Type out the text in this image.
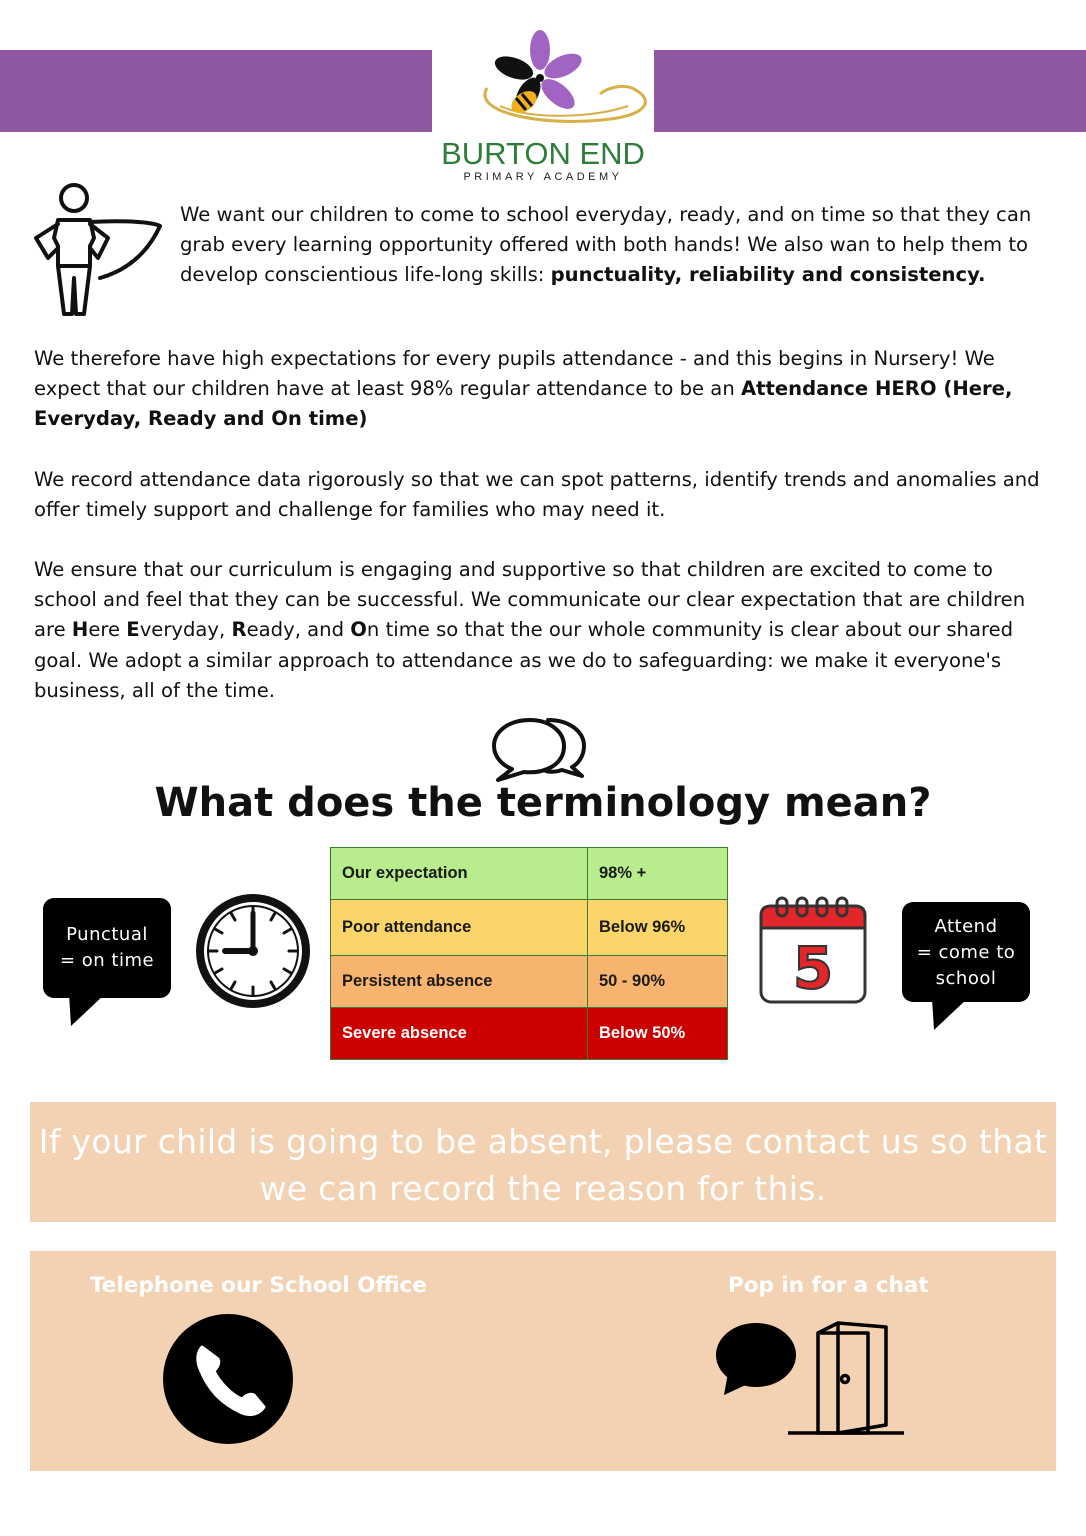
BURTON END
PRIMARY ACADEMY

We want our children to come to school everyday, ready, and on time so that they can grab every learning opportunity offered with both hands! We also wan to help them to develop conscientious life-long skills: punctuality, reliability and consistency.

We therefore have high expectations for every pupils attendance - and this begins in Nursery! We expect that our children have at least 98% regular attendance to be an Attendance HERO (Here, Everyday, Ready and On time)

We record attendance data rigorously so that we can spot patterns, identify trends and anomalies and offer timely support and challenge for families who may need it.

We ensure that our curriculum is engaging and supportive so that children are excited to come to school and feel that they can be successful. We communicate our clear expectation that are children are Here Everyday, Ready, and On time so that the our whole community is clear about our shared goal. We adopt a similar approach to attendance as we do to safeguarding: we make it everyone's business, all of the time.

What does the terminology mean?
Punctual
= on time
Our expectation	98% +
Poor attendance	Below 96%
Persistent absence	50 - 90%
Severe absence	Below 50%
5
Attend
= come to
school

If your child is going to be absent, please contact us so that we can record the reason for this.

Telephone our School Office	Pop in for a chat
